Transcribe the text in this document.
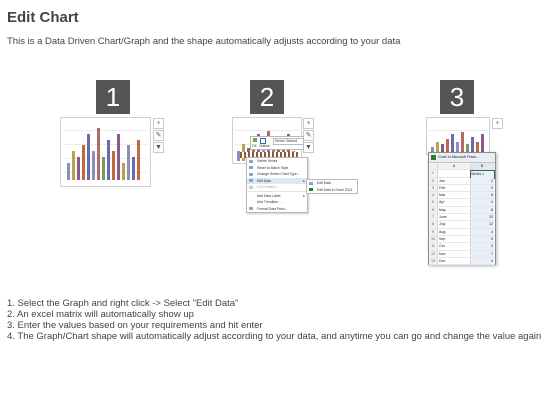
Edit Chart
This is a Data Driven Chart/Graph and the shape automatically adjusts according to your data
1	2	3
+
✎
▼
+
✎
▼
Fill Outline
Series 'Series1'
Delete Series
Reset to Match Style
Change Series Chart Type...
Edit Data	▸
3-D Rotation...
Add Data Label	▸
Add Trendline...
Format Data Point...
Edit Data
Edit Data in Excel 2013
+
Chart in Microsoft Powe...
A	B
1	Series 1
2	Jan	2
3	Feb	3
4	Mar	6
5	Apr	4
6	May	8
7	June	10
8	July	12
9	Aug	4
10	Sep	5
11	Oct	3
12	Nov	7
13	Dec	4

1. Select the Graph and right click -> Select "Edit Data"

2. An excel matrix will automatically show up

3. Enter the values based on your requirements and hit enter

4. The Graph/Chart shape will automatically adjust according to your data, and anytime you can go and change the value again
